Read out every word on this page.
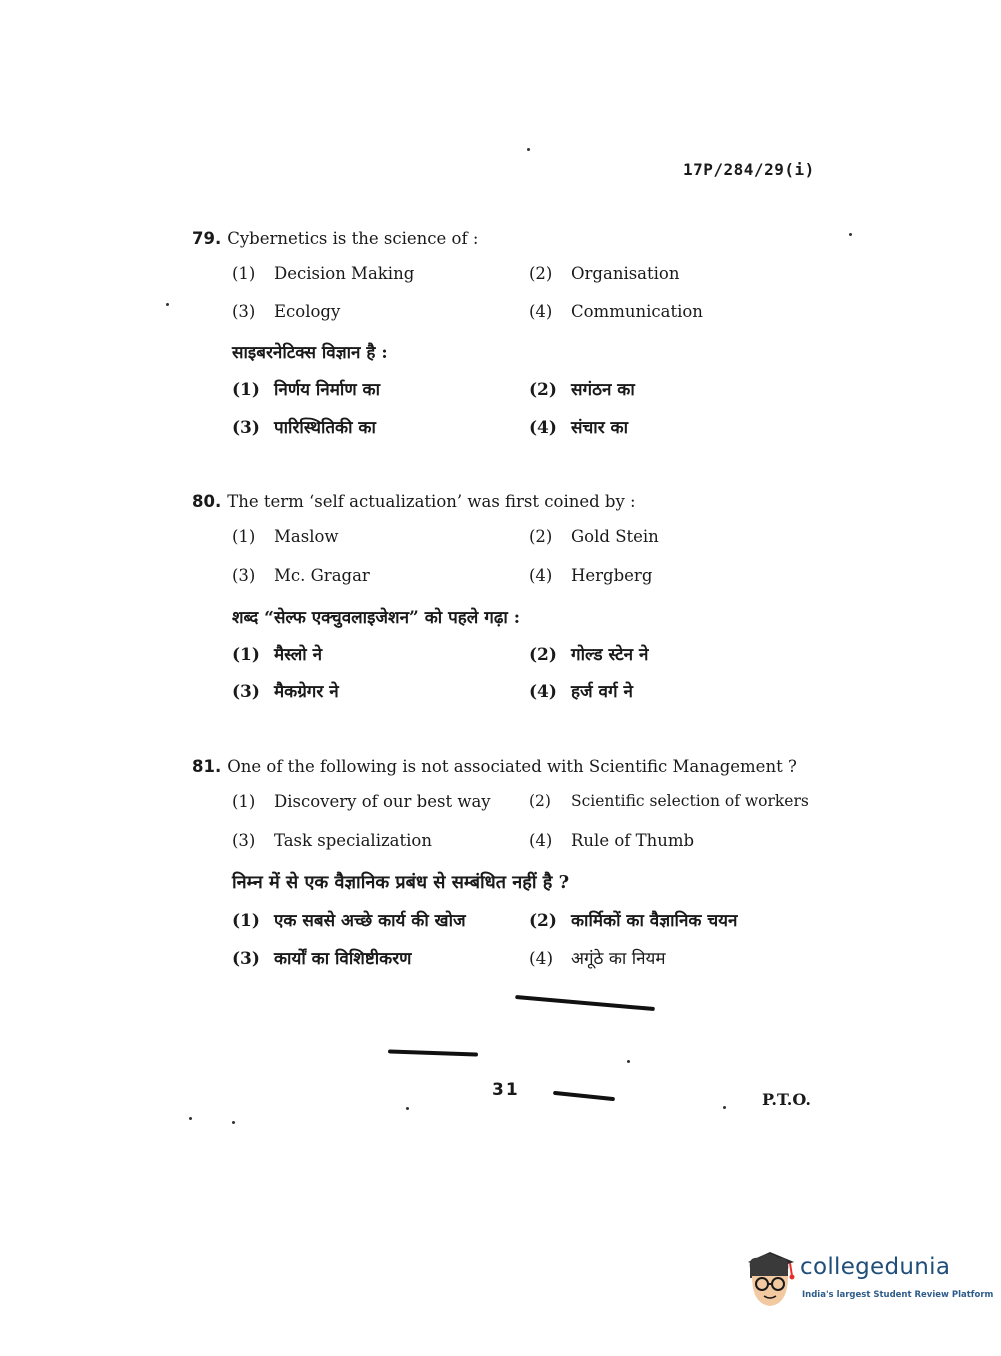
17P/284/29(i)
79. Cybernetics is the science of :
(1) Decision Making	(2) Organisation
(3) Ecology	(4) Communication
साइबरनेटिक्स विज्ञान है :
(1) निर्णय निर्माण का	(2) सगंठन का
(3) पारिस्थितिकी का	(4) संचार का
80. The term ‘self actualization’ was first coined by :
(1) Maslow	(2) Gold Stein
(3) Mc. Gragar	(4) Hergberg
शब्द “सेल्फ एक्चुवलाइजेशन” को पहले गढ़ा :
(1) मैस्लो ने	(2) गोल्ड स्टेन ने
(3) मैकग्रेगर ने	(4) हर्ज वर्ग ने
81. One of the following is not associated with Scientific Management ?
(1) Discovery of our best way (2) Scientific selection of workers
(3) Task specialization	(4) Rule of Thumb
निम्न में से एक वैज्ञानिक प्रबंध से सम्बंधित नहीं है ?
(1) एक सबसे अच्छे कार्य की खोज	(2) कार्मिकों का वैज्ञानिक चयन
(3) कार्यों का विशिष्टीकरण	(4) अगूंठे का नियम
31	P.T.O.
collegedunia
India's largest Student Review Platform
